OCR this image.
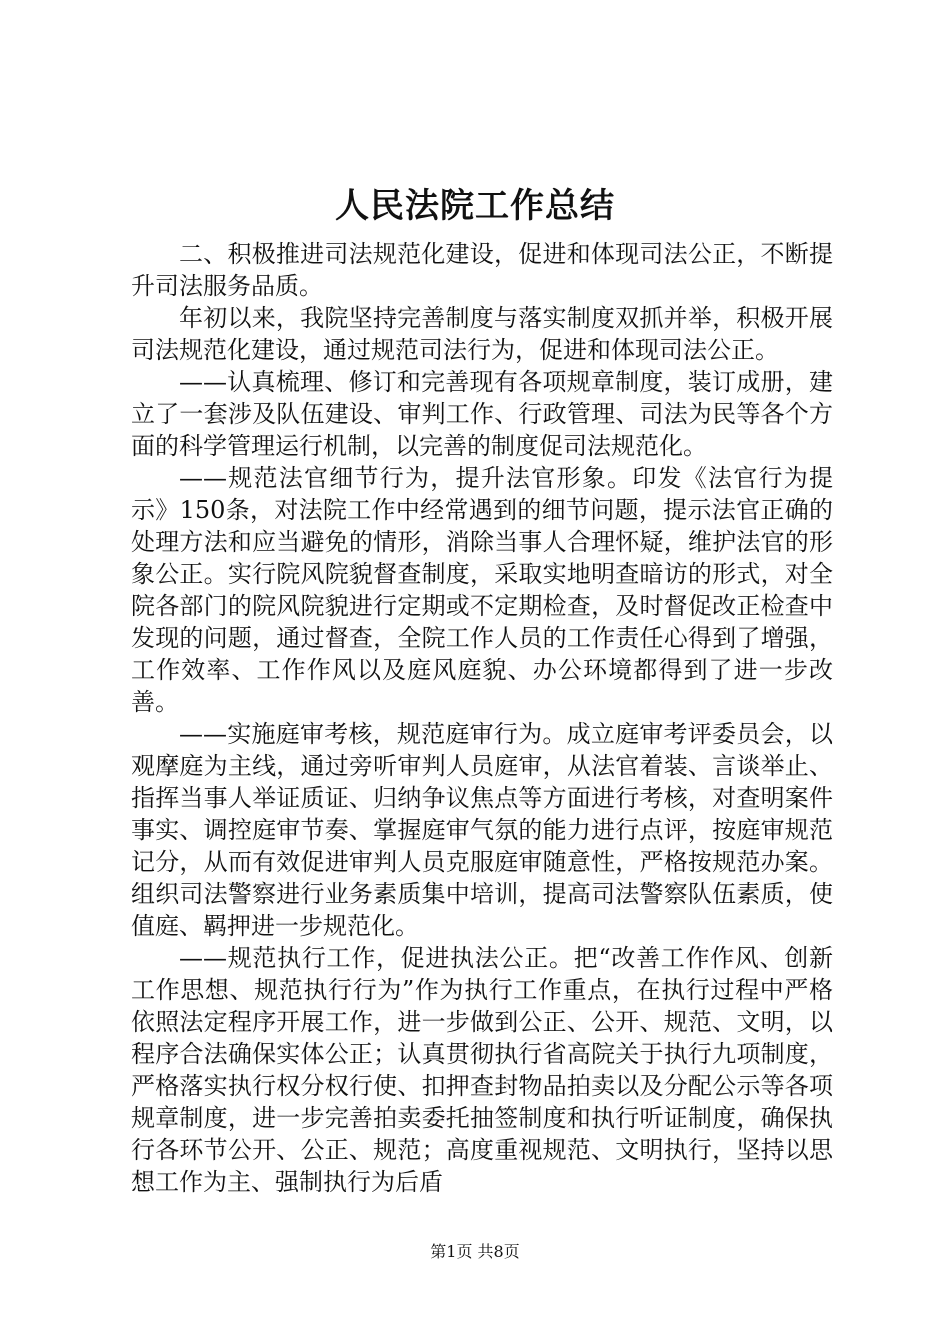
人民法院工作总结

二、积极推进司法规范化建设，促进和体现司法公正，不断提升司法服务品质。

年初以来，我院坚持完善制度与落实制度双抓并举，积极开展司法规范化建设，通过规范司法行为，促进和体现司法公正。

——认真梳理、修订和完善现有各项规章制度，装订成册，建立了一套涉及队伍建设、审判工作、行政管理、司法为民等各个方面的科学管理运行机制，以完善的制度促司法规范化。

——规范法官细节行为，提升法官形象。印发《法官行为提示》150条，对法院工作中经常遇到的细节问题，提示法官正确的处理方法和应当避免的情形，消除当事人合理怀疑，维护法官的形象公正。实行院风院貌督查制度，采取实地明查暗访的形式，对全院各部门的院风院貌进行定期或不定期检查，及时督促改正检查中发现的问题，通过督查，全院工作人员的工作责任心得到了增强，工作效率、工作作风以及庭风庭貌、办公环境都得到了进一步改善。

——实施庭审考核，规范庭审行为。成立庭审考评委员会，以观摩庭为主线，通过旁听审判人员庭审，从法官着装、言谈举止、指挥当事人举证质证、归纳争议焦点等方面进行考核，对查明案件事实、调控庭审节奏、掌握庭审气氛的能力进行点评，按庭审规范记分，从而有效促进审判人员克服庭审随意性，严格按规范办案。组织司法警察进行业务素质集中培训，提高司法警察队伍素质，使值庭、羁押进一步规范化。

——规范执行工作，促进执法公正。把“改善工作作风、创新工作思想、规范执行行为”作为执行工作重点，在执行过程中严格依照法定程序开展工作，进一步做到公正、公开、规范、文明，以程序合法确保实体公正；认真贯彻执行省高院关于执行九项制度，严格落实执行权分权行使、扣押查封物品拍卖以及分配公示等各项规章制度，进一步完善拍卖委托抽签制度和执行听证制度，确保执行各环节公开、公正、规范；高度重视规范、文明执行，坚持以思想工作为主、强制执行为后盾

第1页 共8页
